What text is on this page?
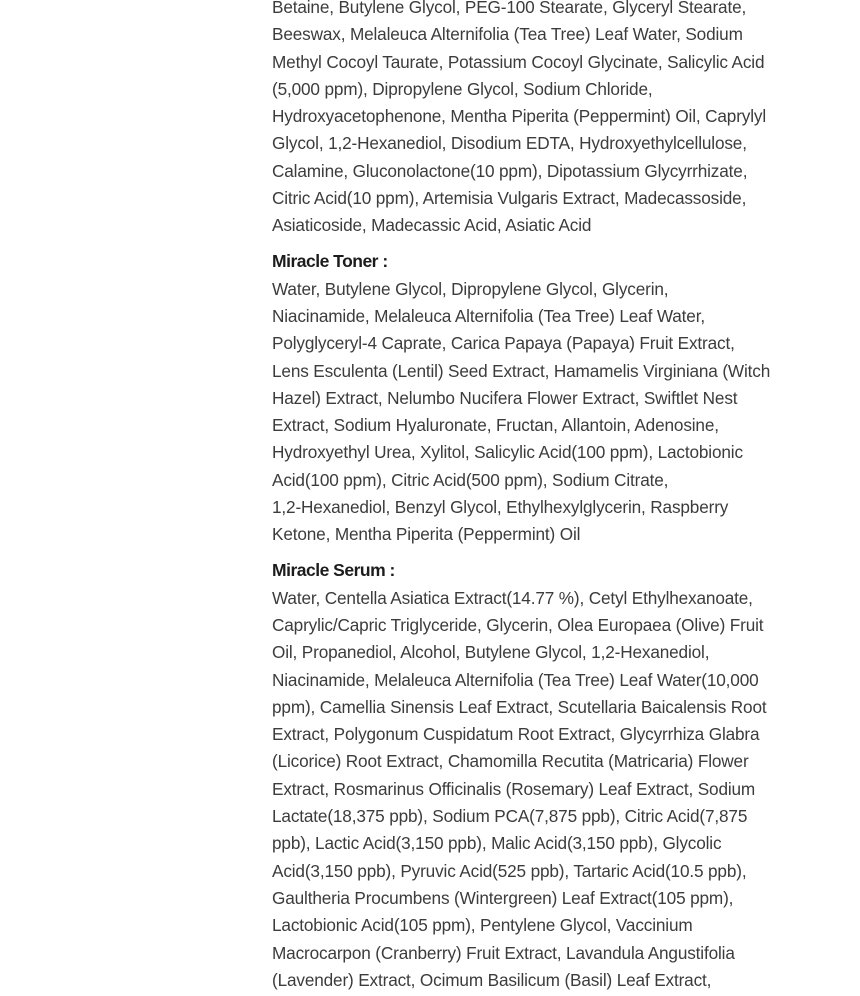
Betaine, Butylene Glycol, PEG-100 Stearate, Glyceryl Stearate,
Beeswax, Melaleuca Alternifolia (Tea Tree) Leaf Water, Sodium
Methyl Cocoyl Taurate, Potassium Cocoyl Glycinate, Salicylic Acid
(5,000 ppm), Dipropylene Glycol, Sodium Chloride,
Hydroxyacetophenone, Mentha Piperita (Peppermint) Oil, Caprylyl
Glycol, 1,2-Hexanediol, Disodium EDTA, Hydroxyethylcellulose,
Calamine, Gluconolactone(10 ppm), Dipotassium Glycyrrhizate,
Citric Acid(10 ppm), Artemisia Vulgaris Extract, Madecassoside,
Asiaticoside, Madecassic Acid, Asiatic Acid

Miracle Toner :

Water, Butylene Glycol, Dipropylene Glycol, Glycerin,
Niacinamide, Melaleuca Alternifolia (Tea Tree) Leaf Water,
Polyglyceryl-4 Caprate, Carica Papaya (Papaya) Fruit Extract,
Lens Esculenta (Lentil) Seed Extract, Hamamelis Virginiana (Witch
Hazel) Extract, Nelumbo Nucifera Flower Extract, Swiftlet Nest
Extract, Sodium Hyaluronate, Fructan, Allantoin, Adenosine,
Hydroxyethyl Urea, Xylitol, Salicylic Acid(100 ppm), Lactobionic
Acid(100 ppm), Citric Acid(500 ppm), Sodium Citrate,
1,2-Hexanediol, Benzyl Glycol, Ethylhexylglycerin, Raspberry
Ketone, Mentha Piperita (Peppermint) Oil

Miracle Serum :

Water, Centella Asiatica Extract(14.77 %), Cetyl Ethylhexanoate,
Caprylic/Capric Triglyceride, Glycerin, Olea Europaea (Olive) Fruit
Oil, Propanediol, Alcohol, Butylene Glycol, 1,2-Hexanediol,
Niacinamide, Melaleuca Alternifolia (Tea Tree) Leaf Water(10,000
ppm), Camellia Sinensis Leaf Extract, Scutellaria Baicalensis Root
Extract, Polygonum Cuspidatum Root Extract, Glycyrrhiza Glabra
(Licorice) Root Extract, Chamomilla Recutita (Matricaria) Flower
Extract, Rosmarinus Officinalis (Rosemary) Leaf Extract, Sodium
Lactate(18,375 ppb), Sodium PCA(7,875 ppb), Citric Acid(7,875
ppb), Lactic Acid(3,150 ppb), Malic Acid(3,150 ppb), Glycolic
Acid(3,150 ppb), Pyruvic Acid(525 ppb), Tartaric Acid(10.5 ppb),
Gaultheria Procumbens (Wintergreen) Leaf Extract(105 ppm),
Lactobionic Acid(105 ppm), Pentylene Glycol, Vaccinium
Macrocarpon (Cranberry) Fruit Extract, Lavandula Angustifolia
(Lavender) Extract, Ocimum Basilicum (Basil) Leaf Extract,
